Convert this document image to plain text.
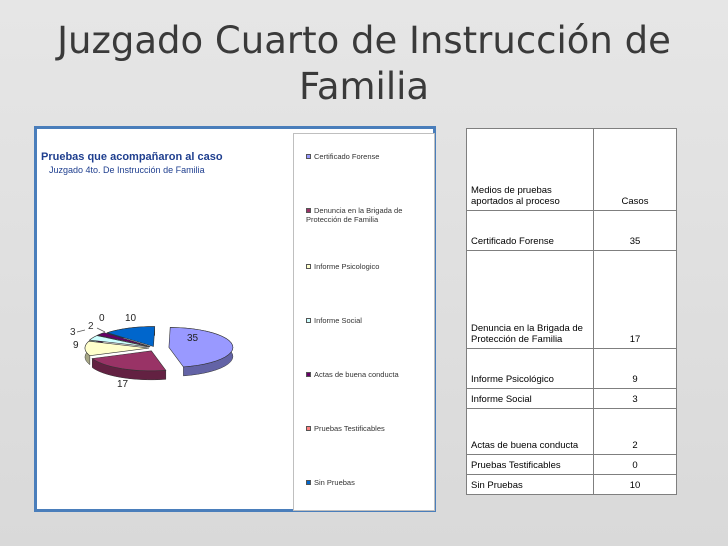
Juzgado Cuarto de Instrucción de Familia
35
17
9
3
2
0 10
Pruebas que acompañaron al caso
Juzgado 4to. De Instrucción de Familia
Certificado Forense
Denuncia en la Brigada de Protección de Familia
Informe Psicologico
Informe Social
Actas de buena conducta
Pruebas Testificables
Sin Pruebas
Medios de pruebas aportados al proceso	Casos
Certificado Forense	35
Denuncia en la Brigada de Protección de Familia	17
Informe Psicológico	9
Informe Social	3
Actas de buena conducta	2
Pruebas Testificables	0
Sin Pruebas	10
